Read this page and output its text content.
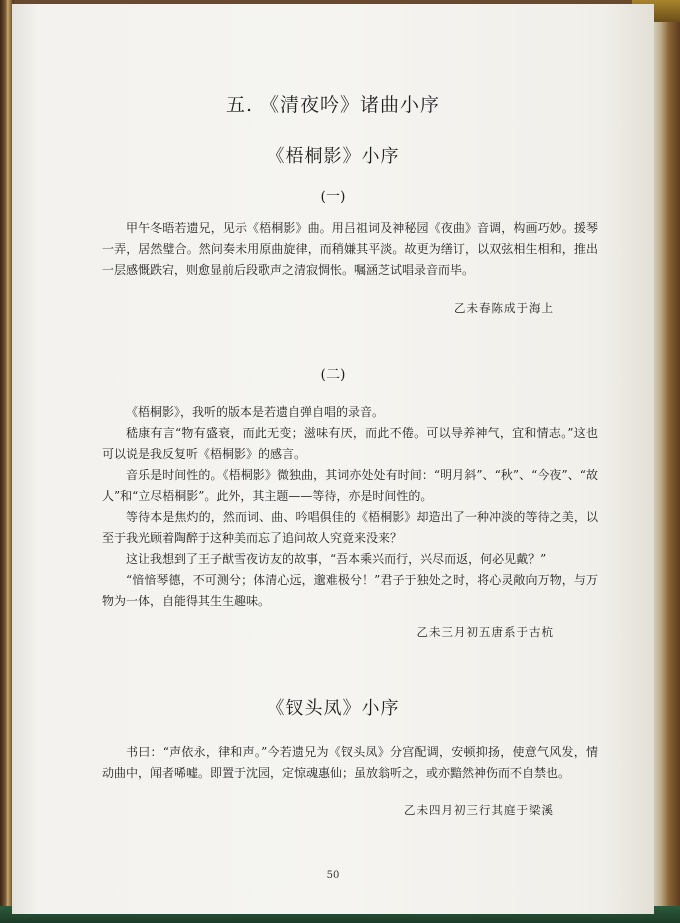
五. 《清夜吟》诸曲小序
《梧桐影》小序
(一)

甲午冬晤若遗兄，见示《梧桐影》曲。用吕祖词及神秘园《夜曲》音调，构画巧妙。援琴一弄，居然璧合。然问奏未用原曲旋律，而稍嫌其平淡。故更为缮订，以双弦相生相和，推出一层感慨跌宕，则愈显前后段歌声之清寂惆怅。嘱涵芝试唱录音而毕。

乙未春陈成于海上

(二)

《梧桐影》，我听的版本是若遗自弹自唱的录音。

嵇康有言“物有盛衰，而此无变；滋味有厌，而此不倦。可以导养神气，宜和情志。”这也可以说是我反复听《梧桐影》的感言。

音乐是时间性的。《梧桐影》微独曲，其词亦处处有时间：“明月斜”、“秋”、“今夜”、“故人”和“立尽梧桐影”。此外，其主题——等待，亦是时间性的。

等待本是焦灼的，然而词、曲、吟唱俱佳的《梧桐影》却造出了一种冲淡的等待之美，以至于我光顾着陶醉于这种美而忘了追问故人究竟来没来？

这让我想到了王子猷雪夜访友的故事，“吾本乘兴而行，兴尽而返，何必见戴？”

“愔愔琴德，不可测兮；体清心远，邈难极兮！”君子于独处之时，将心灵敞向万物，与万物为一体，自能得其生生趣味。

乙未三月初五唐系于古杭

《钗头凤》小序

书曰：“声依永，律和声。”今若遗兄为《钗头凤》分宫配调，安顿抑扬，使意气风发，情动曲中，闻者唏嘘。即置于沈园，定惊魂惠仙；虽放翁听之，或亦黯然神伤而不自禁也。

乙未四月初三行其庭于梁溪

50
